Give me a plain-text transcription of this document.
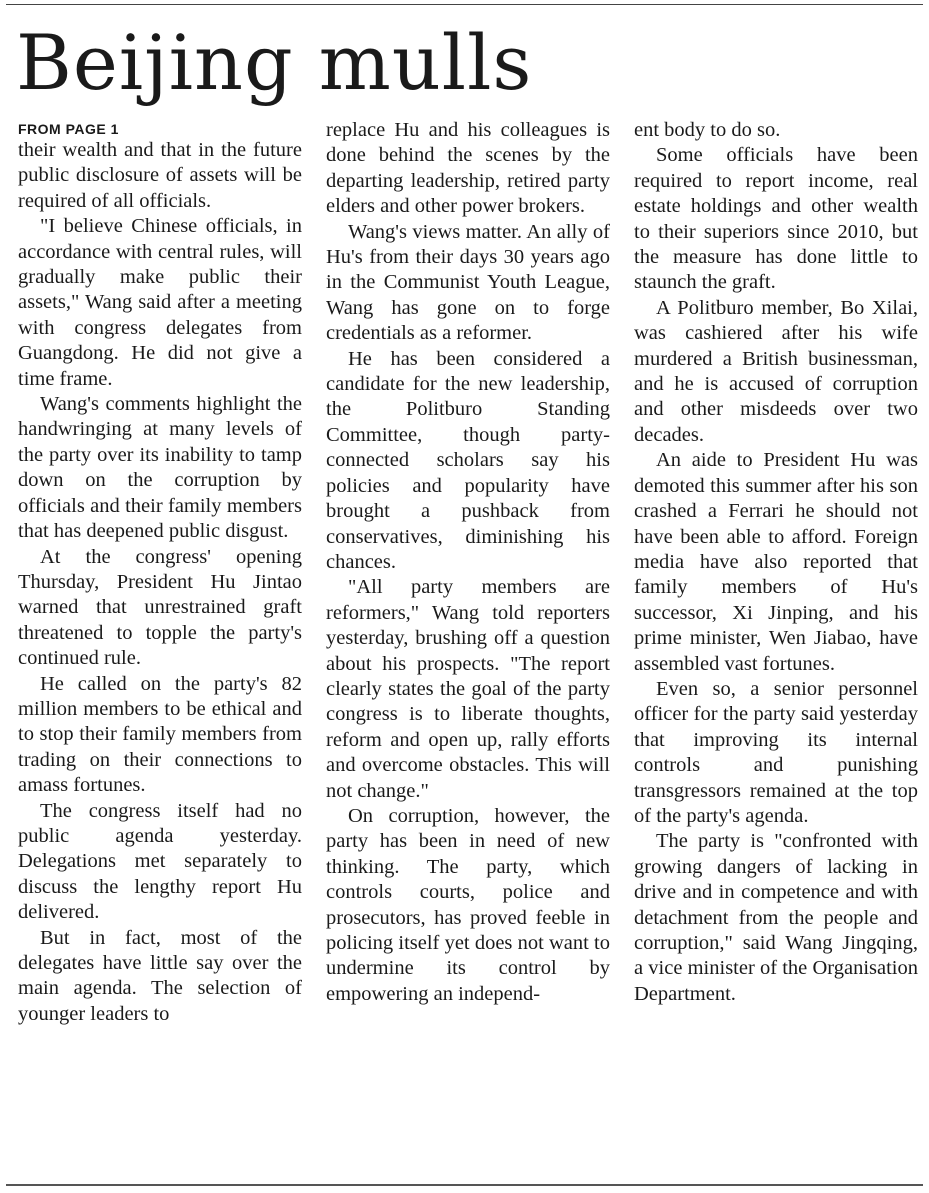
Beijing mulls
FROM PAGE 1

their wealth and that in the future public disclosure of assets will be required of all officials.

"I believe Chinese officials, in accordance with central rules, will gradually make public their assets," Wang said after a meeting with congress delegates from Guangdong. He did not give a time frame.

Wang's comments highlight the handwringing at many levels of the party over its inability to tamp down on the corruption by officials and their family members that has deepened public disgust.

At the congress' opening Thursday, President Hu Jintao warned that unrestrained graft threatened to topple the party's continued rule.

He called on the party's 82 million members to be ethical and to stop their family members from trading on their connections to amass fortunes.

The congress itself had no public agenda yesterday. Delegations met separately to discuss the lengthy report Hu delivered.

But in fact, most of the delegates have little say over the main agenda. The selection of younger leaders to

replace Hu and his colleagues is done behind the scenes by the departing leadership, retired party elders and other power brokers.

Wang's views matter. An ally of Hu's from their days 30 years ago in the Communist Youth League, Wang has gone on to forge credentials as a reformer.

He has been considered a candidate for the new leadership, the Politburo Standing Committee, though party-connected scholars say his policies and popularity have brought a pushback from conservatives, diminishing his chances.

"All party members are reformers," Wang told reporters yesterday, brushing off a question about his prospects. "The report clearly states the goal of the party congress is to liberate thoughts, reform and open up, rally efforts and overcome obstacles. This will not change."

On corruption, however, the party has been in need of new thinking. The party, which controls courts, police and prosecutors, has proved feeble in policing itself yet does not want to undermine its control by empowering an independ-

ent body to do so.

Some officials have been required to report income, real estate holdings and other wealth to their superiors since 2010, but the measure has done little to staunch the graft.

A Politburo member, Bo Xilai, was cashiered after his wife murdered a British businessman, and he is accused of corruption and other misdeeds over two decades.

An aide to President Hu was demoted this summer after his son crashed a Ferrari he should not have been able to afford. Foreign media have also reported that family members of Hu's successor, Xi Jinping, and his prime minister, Wen Jiabao, have assembled vast fortunes.

Even so, a senior personnel officer for the party said yesterday that improving its internal controls and punishing transgressors remained at the top of the party's agenda.

The party is "confronted with growing dangers of lacking in drive and in competence and with detachment from the people and corruption," said Wang Jingqing, a vice minister of the Organisation Department.
